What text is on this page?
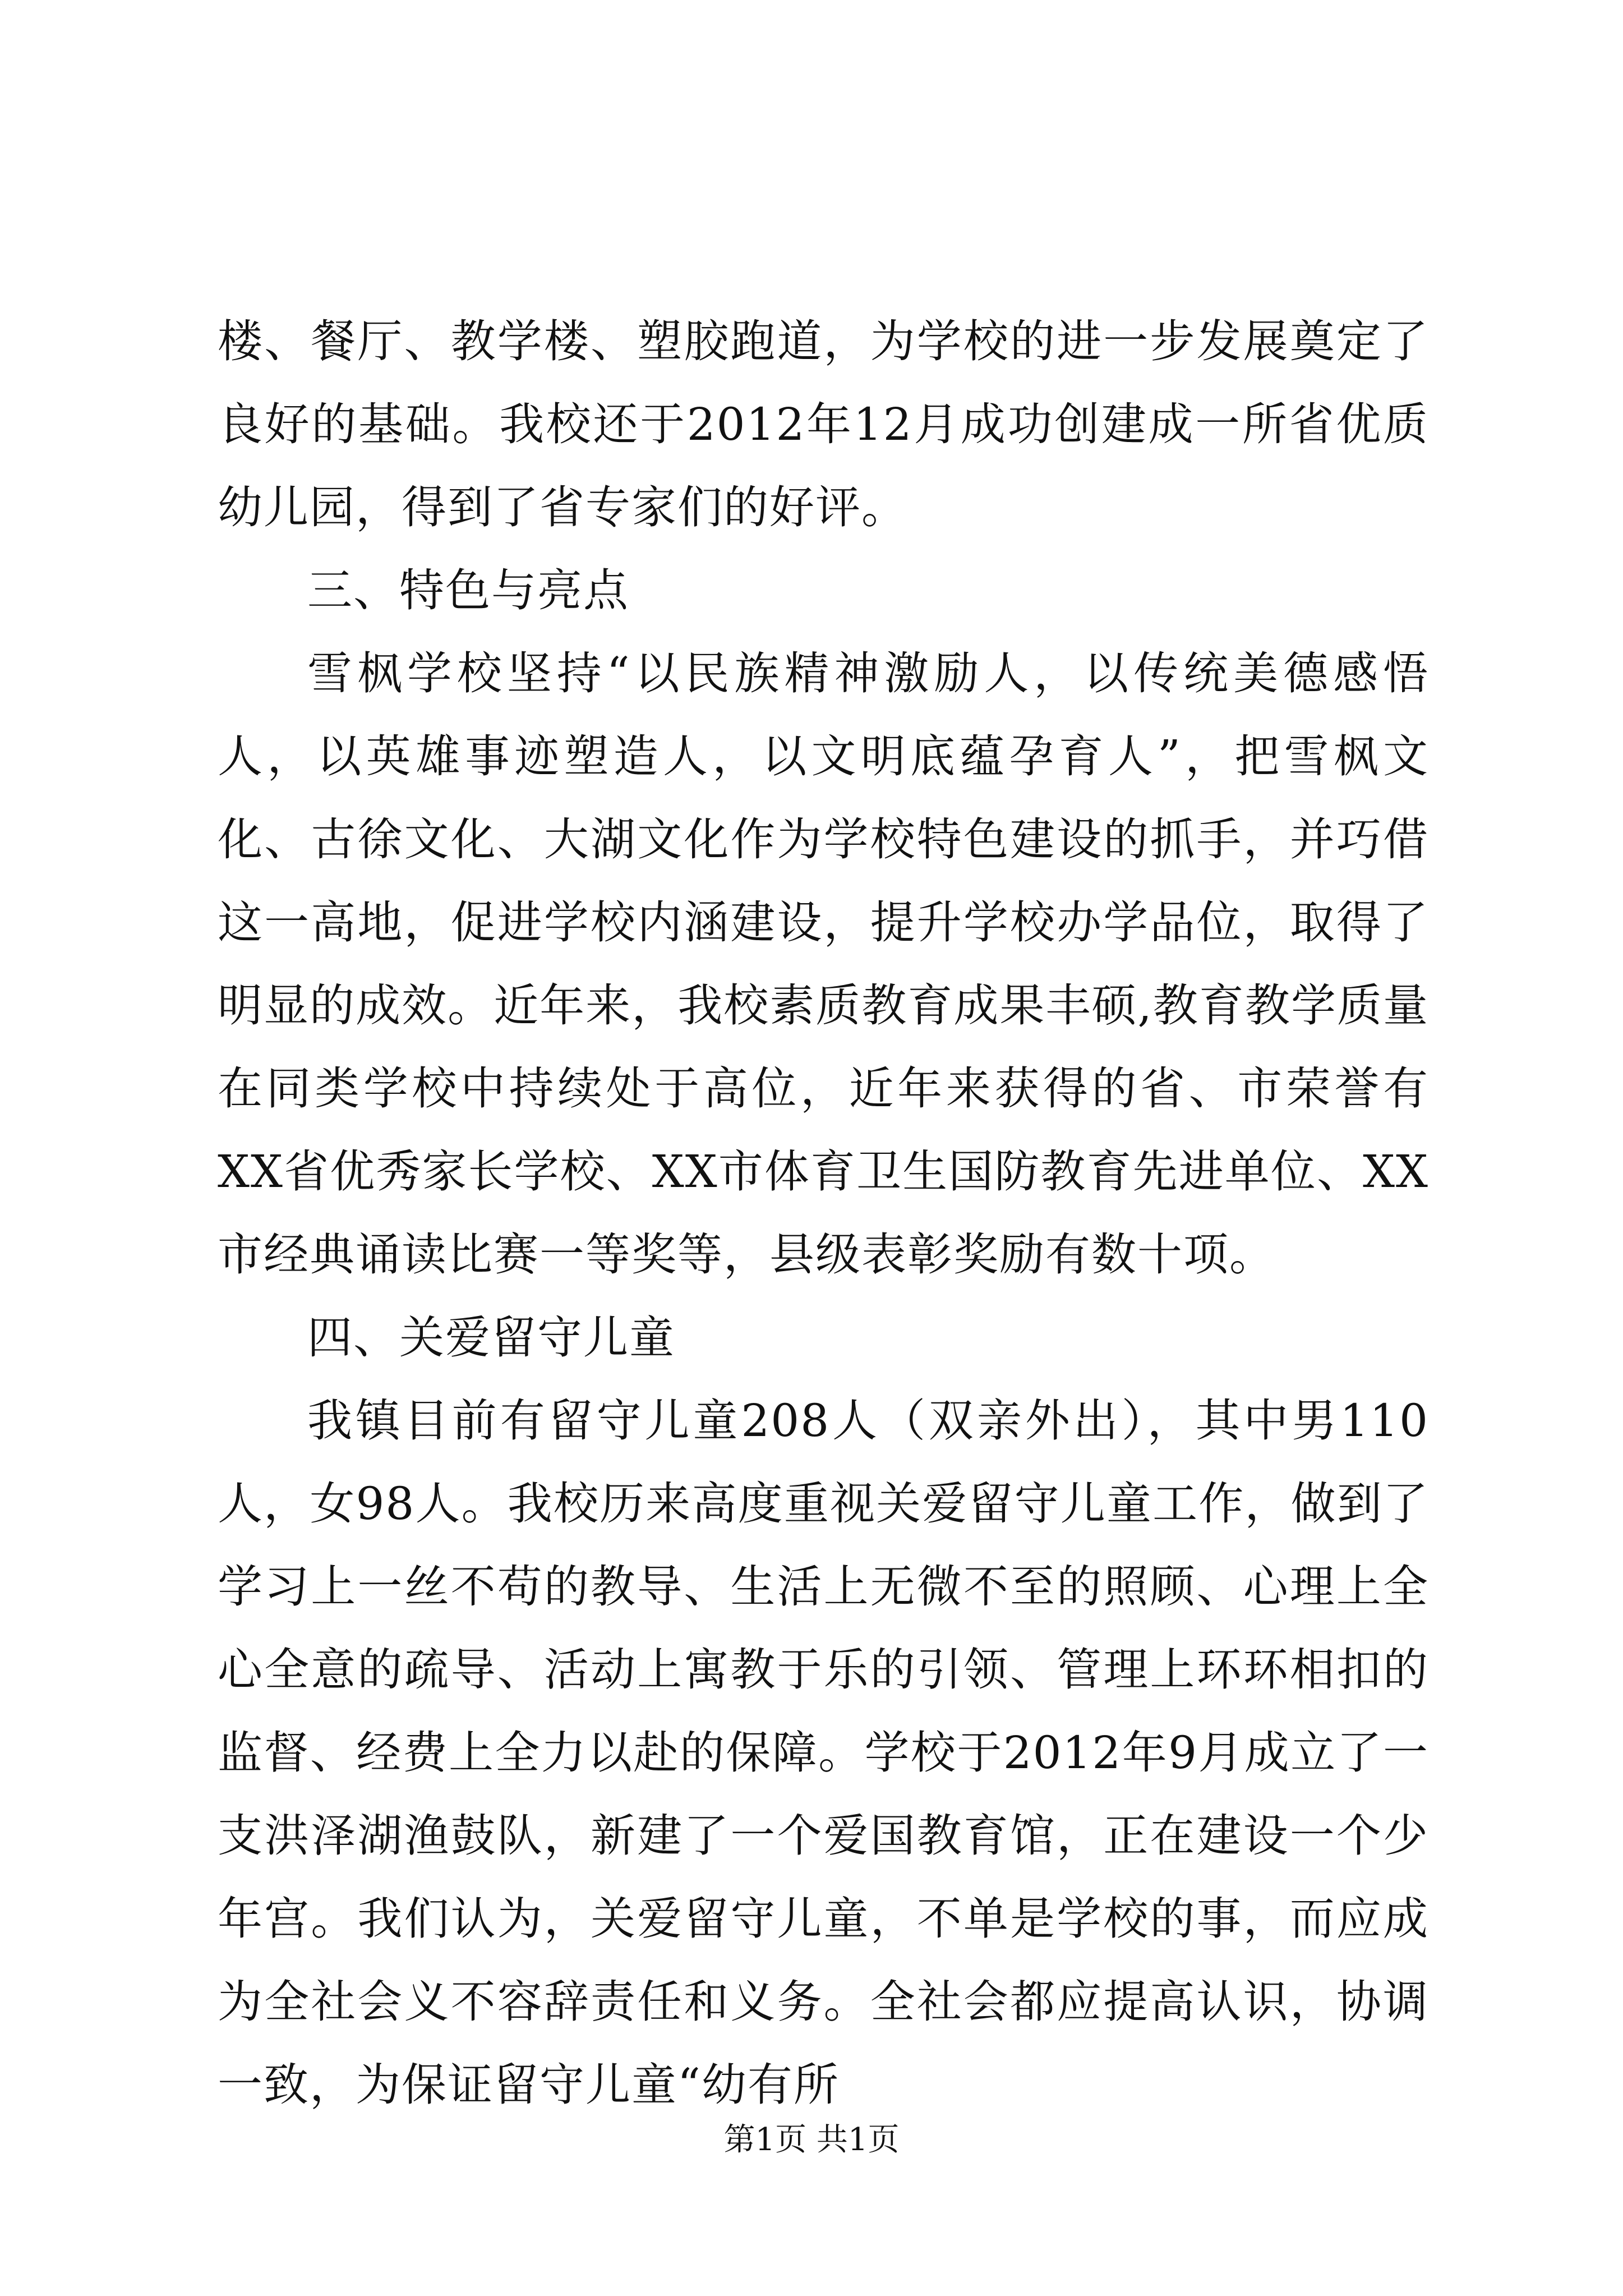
楼、餐厅、教学楼、塑胶跑道，为学校的进一步发展奠定了良好的基础。我校还于2012年12月成功创建成一所省优质幼儿园，得到了省专家们的好评。

三、特色与亮点

雪枫学校坚持“以民族精神激励人，以传统美德感悟人，以英雄事迹塑造人，以文明底蕴孕育人”，把雪枫文化、古徐文化、大湖文化作为学校特色建设的抓手，并巧借这一高地，促进学校内涵建设，提升学校办学品位，取得了明显的成效。近年来，我校素质教育成果丰硕,教育教学质量在同类学校中持续处于高位，近年来获得的省、市荣誉有XX省优秀家长学校、XX市体育卫生国防教育先进单位、XX市经典诵读比赛一等奖等，县级表彰奖励有数十项。

四、关爱留守儿童

我镇目前有留守儿童208人（双亲外出），其中男110人，女98人。我校历来高度重视关爱留守儿童工作，做到了学习上一丝不苟的教导、生活上无微不至的照顾、心理上全心全意的疏导、活动上寓教于乐的引领、管理上环环相扣的监督、经费上全力以赴的保障。学校于2012年9月成立了一支洪泽湖渔鼓队，新建了一个爱国教育馆，正在建设一个少年宫。我们认为，关爱留守儿童，不单是学校的事，而应成为全社会义不容辞责任和义务。全社会都应提高认识，协调一致，为保证留守儿童“幼有所

第1页 共1页
